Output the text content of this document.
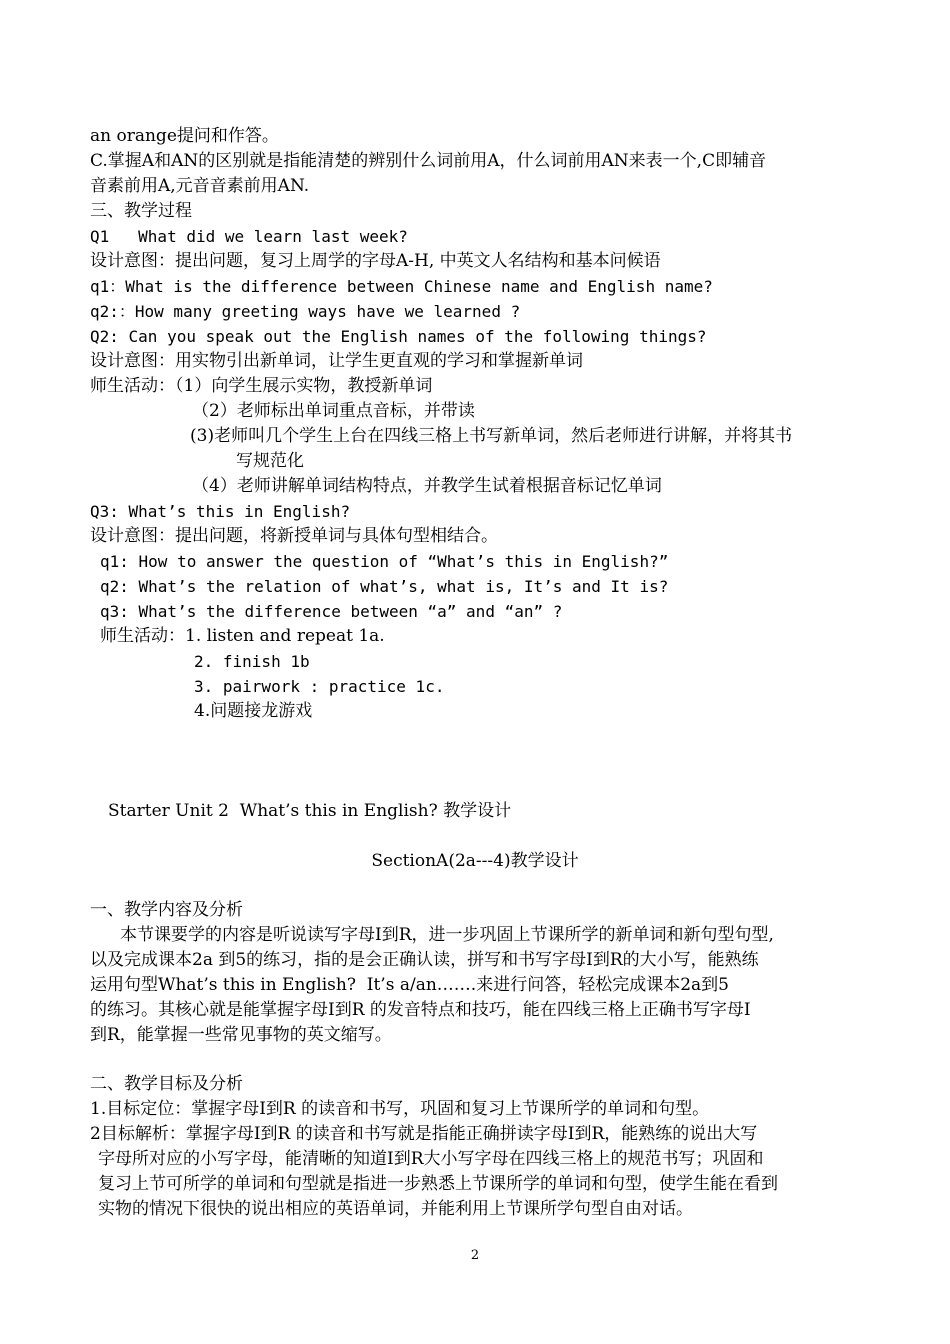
an orange提问和作答。
C.掌握A和AN的区别就是指能清楚的辨别什么词前用A，什么词前用AN来表一个,C即辅音
音素前用A,元音音素前用AN.
三、教学过程
Q1   What did we learn last week?
设计意图：提出问题，复习上周学的字母A-H, 中英文人名结构和基本问候语
q1：What is the difference between Chinese name and English name?
q2:：How many greeting ways have we learned ?
Q2: Can you speak out the English names of the following things?
设计意图：用实物引出新单词，让学生更直观的学习和掌握新单词
师生活动：（1）向学生展示实物，教授新单词
（2）老师标出单词重点音标，并带读
(3)老师叫几个学生上台在四线三格上书写新单词，然后老师进行讲解，并将其书
写规范化
（4）老师讲解单词结构特点，并教学生试着根据音标记忆单词
Q3: What’s this in English?
设计意图：提出问题，将新授单词与具体句型相结合。
q1: How to answer the question of “What’s this in English?”
q2: What’s the relation of what’s, what is, It’s and It is?
q3: What’s the difference between “a” and “an” ?
师生活动：1. listen and repeat 1a.
2. finish 1b
3. pairwork : practice 1c.
4.问题接龙游戏
Starter Unit 2  What’s this in English? 教学设计
SectionA(2a---4)教学设计
一、教学内容及分析
本节课要学的内容是听说读写字母I到R，进一步巩固上节课所学的新单词和新句型句型,
以及完成课本2a 到5的练习，指的是会正确认读，拼写和书写字母I到R的大小写，能熟练
运用句型What’s this in English?  It’s a/an…….来进行问答，轻松完成课本2a到5
的练习。其核心就是能掌握字母I到R 的发音特点和技巧，能在四线三格上正确书写字母I
到R，能掌握一些常见事物的英文缩写。
二、教学目标及分析
1.目标定位：掌握字母I到R 的读音和书写，巩固和复习上节课所学的单词和句型。
2目标解析：掌握字母I到R 的读音和书写就是指能正确拼读字母I到R，能熟练的说出大写
字母所对应的小写字母，能清晰的知道I到R大小写字母在四线三格上的规范书写；巩固和
复习上节可所学的单词和句型就是指进一步熟悉上节课所学的单词和句型，使学生能在看到
实物的情况下很快的说出相应的英语单词，并能利用上节课所学句型自由对话。
2
